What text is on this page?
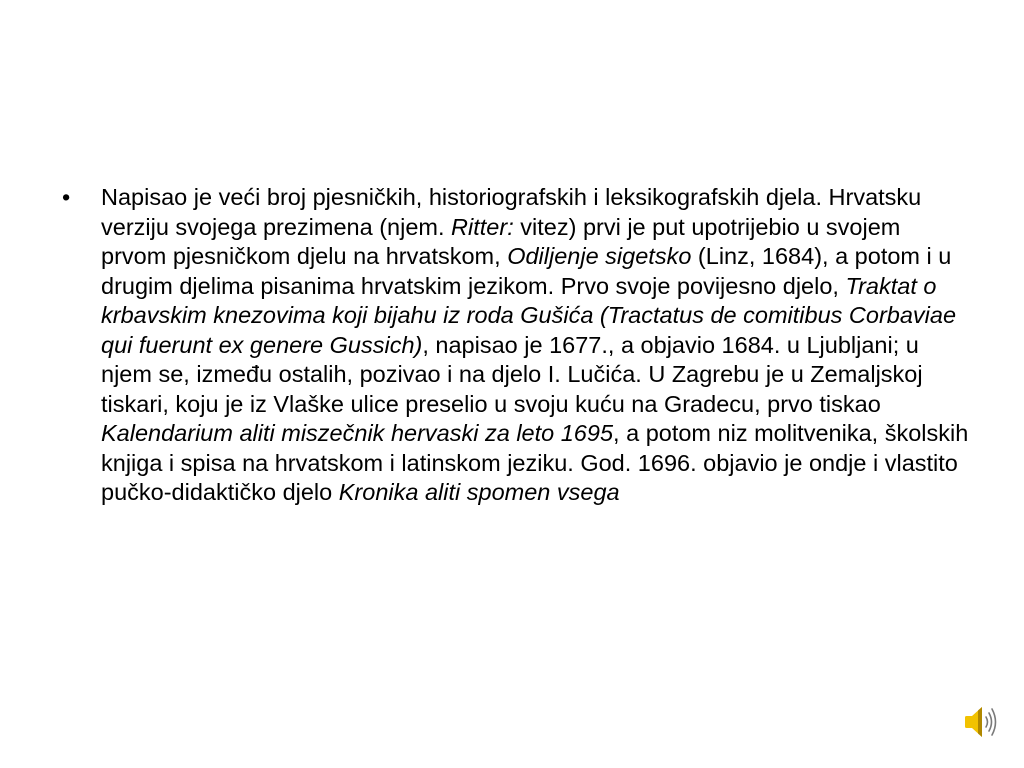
• Napisao je veći broj pjesničkih, historiografskih i leksikografskih djela. Hrvatsku verziju svojega prezimena (njem. Ritter: vitez) prvi je put upotrijebio u svojem prvom pjesničkom djelu na hrvatskom, Odiljenje sigetsko (Linz, 1684), a potom i u drugim djelima pisanima hrvatskim jezikom. Prvo svoje povijesno djelo, Traktat o krbavskim knezovima koji bijahu iz roda Gušića (Tractatus de comitibus Corbaviae qui fuerunt ex genere Gussich), napisao je 1677., a objavio 1684. u Ljubljani; u njem se, između ostalih, pozivao i na djelo I. Lučića. U Zagrebu je u Zemaljskoj tiskari, koju je iz Vlaške ulice preselio u svoju kuću na Gradecu, prvo tiskao Kalendarium aliti miszečnik hervaski za leto 1695, a potom niz molitvenika, školskih knjiga i spisa na hrvatskom i latinskom jeziku. God. 1696. objavio je ondje i vlastito pučko-didaktičko djelo Kronika aliti spomen vsega
